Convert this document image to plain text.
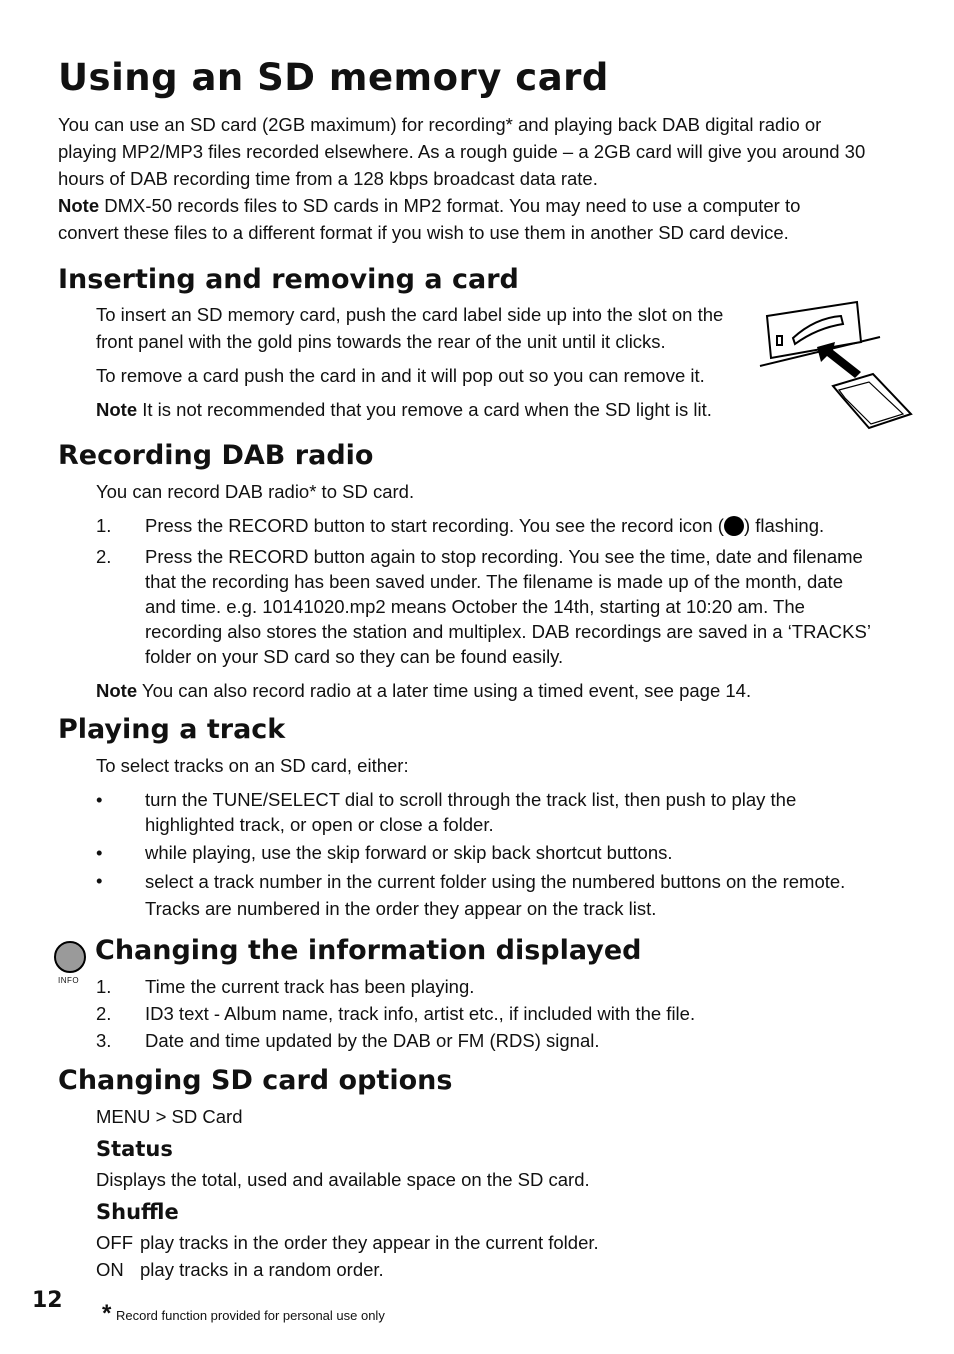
Using an SD memory card
You can use an SD card (2GB maximum) for recording* and playing back DAB digital radio or
playing MP2/MP3 files recorded elsewhere. As a rough guide – a 2GB card will give you around 30
hours of DAB recording time from a 128 kbps broadcast data rate.
Note DMX-50 records files to SD cards in MP2 format. You may need to use a computer to
convert these files to a different format if you wish to use them in another SD card device.
Inserting and removing a card
To insert an SD memory card, push the card label side up into the slot on the
front panel with the gold pins towards the rear of the unit until it clicks.
To remove a card push the card in and it will pop out so you can remove it.
Note It is not recommended that you remove a card when the SD light is lit.
Recording DAB radio
You can record DAB radio* to SD card.
1. Press the RECORD button to start recording. You see the record icon ( ) flashing.
2. Press the RECORD button again to stop recording. You see the time, date and filename
that the recording has been saved under. The filename is made up of the month, date
and time. e.g. 10141020.mp2 means October the 14th, starting at 10:20 am. The
recording also stores the station and multiplex. DAB recordings are saved in a ‘TRACKS’
folder on your SD card so they can be found easily.
Note You can also record radio at a later time using a timed event, see page 14.
Playing a track
To select tracks on an SD card, either:
• turn the TUNE/SELECT dial to scroll through the track list, then push to play the
highlighted track, or open or close a folder.
• while playing, use the skip forward or skip back shortcut buttons.
• select a track number in the current folder using the numbered buttons on the remote.
Tracks are numbered in the order they appear on the track list.
INFO
Changing the information displayed
1. Time the current track has been playing.
2. ID3 text - Album name, track info, artist etc., if included with the file.
3. Date and time updated by the DAB or FM (RDS) signal.
Changing SD card options
MENU > SD Card
Status
Displays the total, used and available space on the SD card.
Shuffle
OFF play tracks in the order they appear in the current folder.
ON play tracks in a random order.
12 * Record function provided for personal use only
